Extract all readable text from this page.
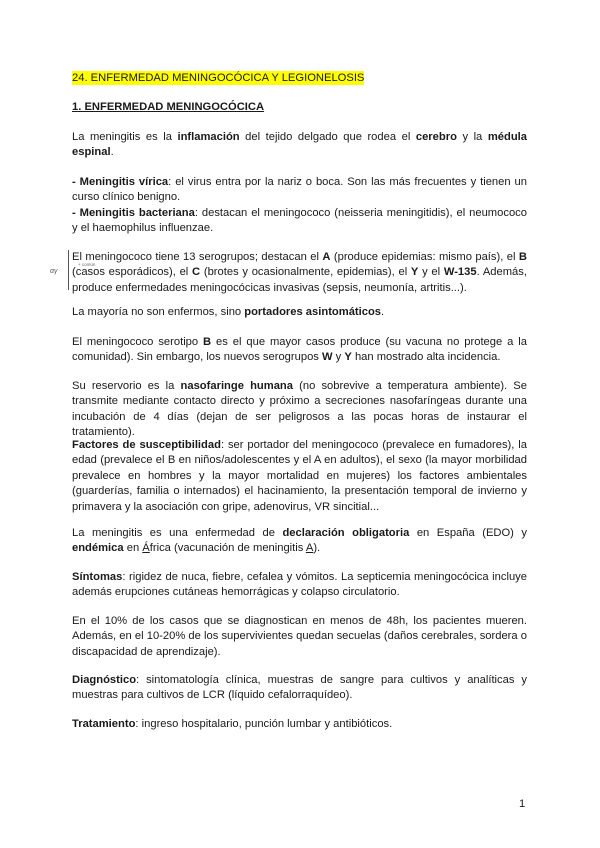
24. ENFERMEDAD MENINGOCÓCICA Y LEGIONELOSIS
1. ENFERMEDAD MENINGOCÓCICA

La meningitis es la inflamación del tejido delgado que rodea el cerebro y la médula espinal.

- Meningitis vírica: el virus entra por la nariz o boca. Son las más frecuentes y tienen un curso clínico benigno.

- Meningitis bacteriana: destacan el meningococo (neisseria meningitidis), el neumococo y el haemophilus influenzae.

αγ
+ común

El meningococo tiene 13 serogrupos; destacan el A (produce epidemias: mismo país), el B (casos esporádicos), el C (brotes y ocasionalmente, epidemias), el Y y el W-135. Además, produce enfermedades meningocócicas invasivas (sepsis, neumonía, artritis...).

La mayoría no son enfermos, sino portadores asintomáticos.

El meningococo serotipo B es el que mayor casos produce (su vacuna no protege a la comunidad). Sin embargo, los nuevos serogrupos W y Y han mostrado alta incidencia.

Su reservorio es la nasofaringe humana (no sobrevive a temperatura ambiente). Se transmite mediante contacto directo y próximo a secreciones nasofaríngeas durante una incubación de 4 días (dejan de ser peligrosos a las pocas horas de instaurar el tratamiento).

Factores de susceptibilidad: ser portador del meningococo (prevalece en fumadores), la edad (prevalece el B en niños/adolescentes y el A en adultos), el sexo (la mayor morbilidad prevalece en hombres y la mayor mortalidad en mujeres) los factores ambientales (guarderías, familia o internados) el hacinamiento, la presentación temporal de invierno y primavera y la asociación con gripe, adenovirus, VR sincitial...

La meningitis es una enfermedad de declaración obligatoria en España (EDO) y endémica en África (vacunación de meningitis A).

Síntomas: rigidez de nuca, fiebre, cefalea y vómitos. La septicemia meningocócica incluye además erupciones cutáneas hemorrágicas y colapso circulatorio.

En el 10% de los casos que se diagnostican en menos de 48h, los pacientes mueren. Además, en el 10-20% de los supervivientes quedan secuelas (daños cerebrales, sordera o discapacidad de aprendizaje).

Diagnóstico: sintomatología clínica, muestras de sangre para cultivos y analíticas y muestras para cultivos de LCR (líquido cefalorraquídeo).

Tratamiento: ingreso hospitalario, punción lumbar y antibióticos.

1
